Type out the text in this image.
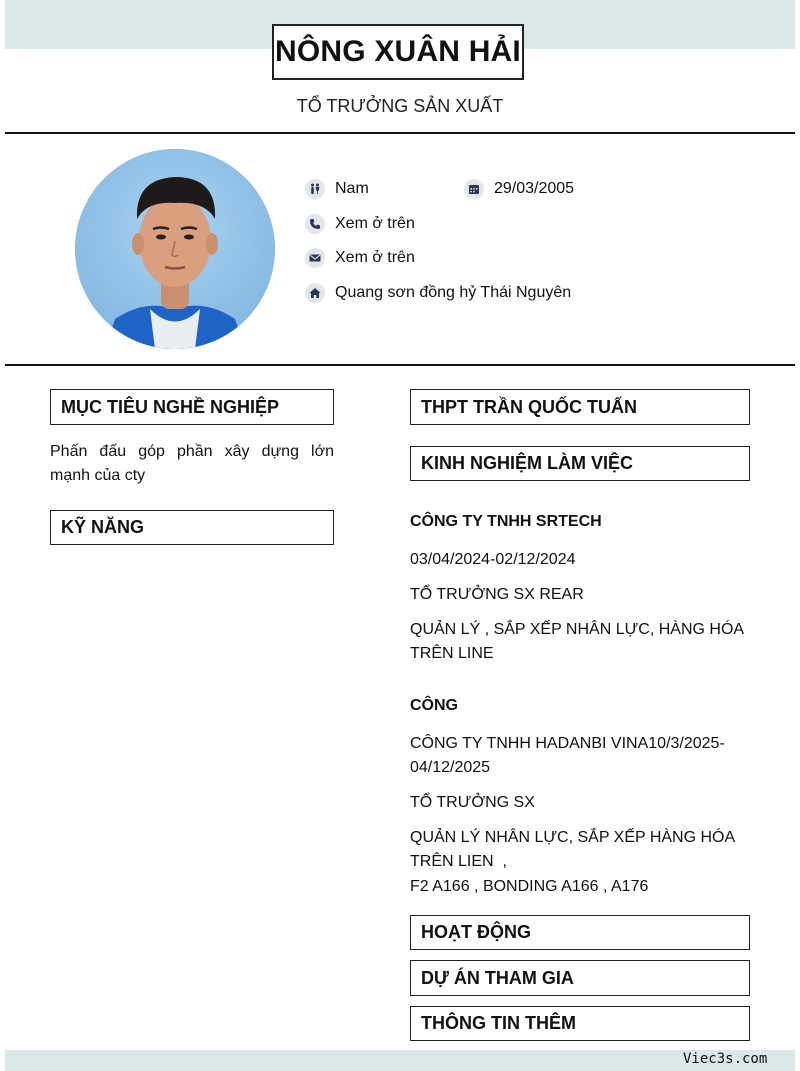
NÔNG XUÂN HẢI
TỔ TRƯỞNG SẢN XUẤT
Nam	29/03/2005
Xem ở trên
Xem ở trên
Quang sơn đồng hỷ Thái Nguyên
MỤC TIÊU NGHỀ NGHIỆP
Phấn đấu góp phần xây dựng lớn
mạnh của cty
KỸ NĂNG
THPT TRẦN QUỐC TUẤN
KINH NGHIỆM LÀM VIỆC
CÔNG TY TNHH SRTECH
03/04/2024-02/12/2024
TỔ TRƯỞNG SX REAR
QUẢN LÝ , SẮP XẾP NHÂN LỰC, HÀNG HÓA
TRÊN LINE
CÔNG
CÔNG TY TNHH HADANBI VINA10/3/2025-
04/12/2025
TỔ TRƯỞNG SX
QUẢN LÝ NHÂN LỰC, SẮP XẾP HÀNG HÓA
TRÊN LIEN  ,
F2 A166 , BONDING A166 , A176
HOẠT ĐỘNG
DỰ ÁN THAM GIA
THÔNG TIN THÊM
Viec3s.com
